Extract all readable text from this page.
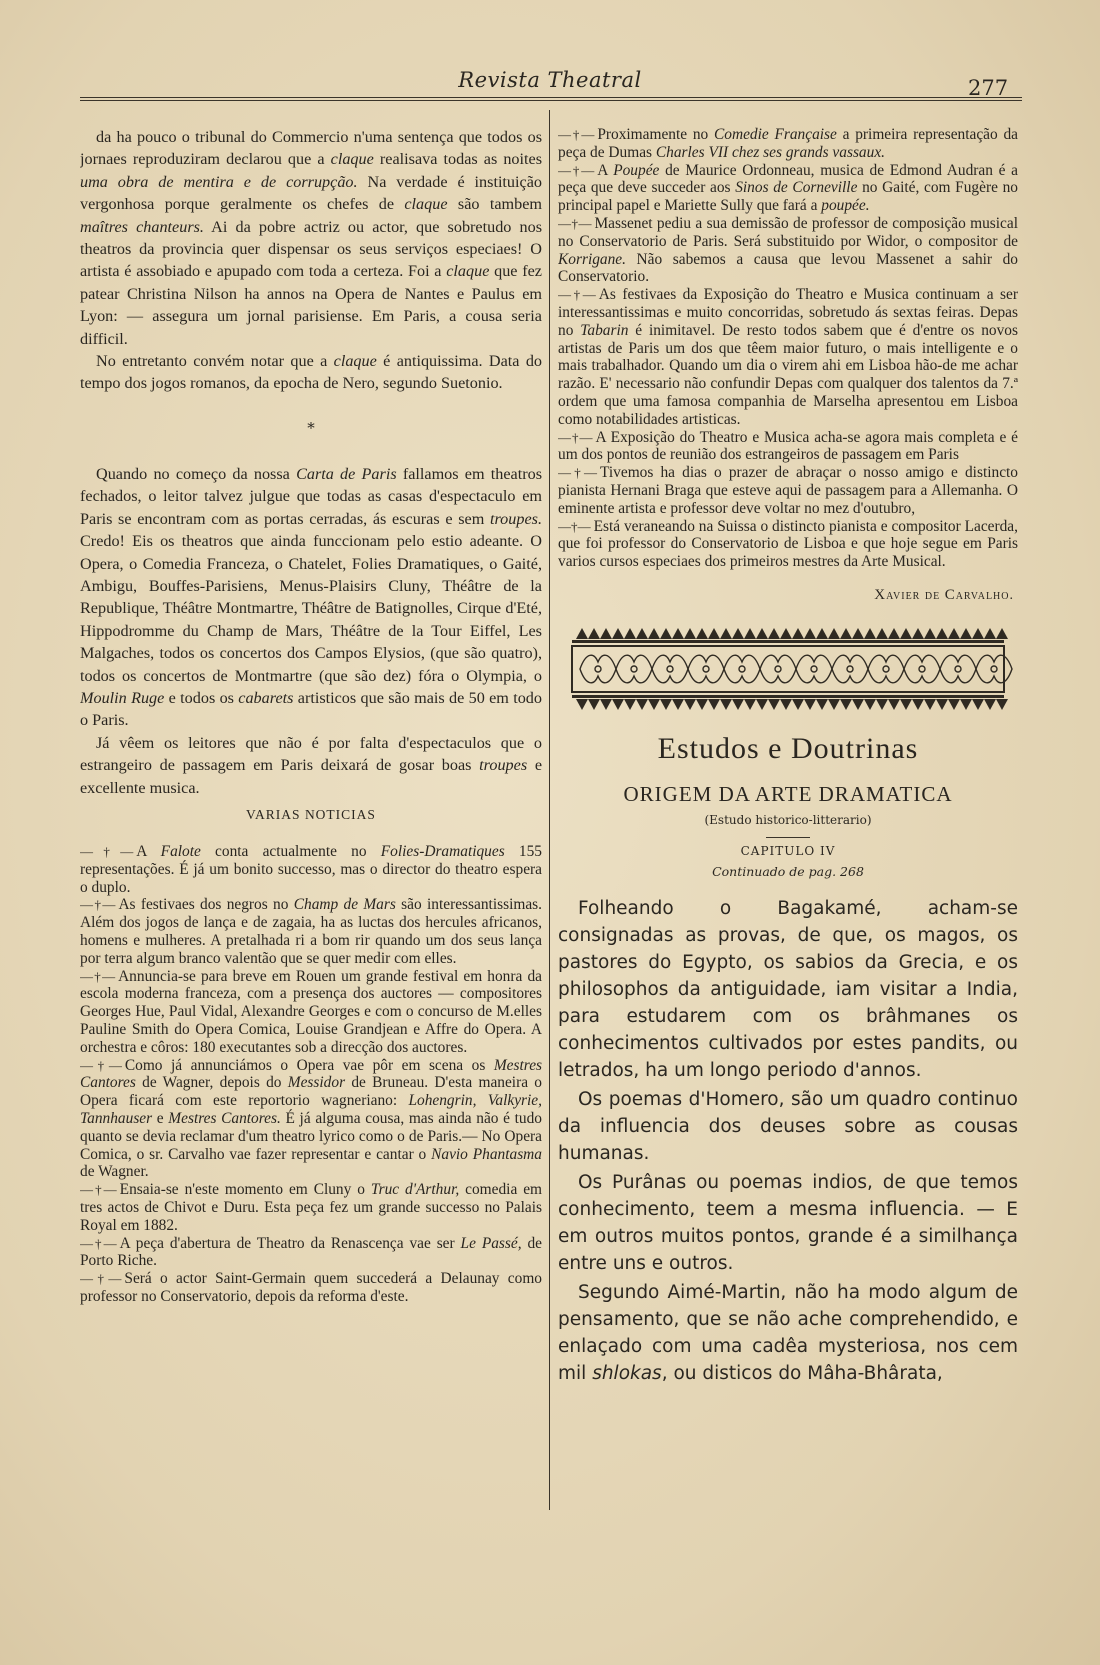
Revista Theatral	277

da ha pouco o tribunal do Commercio n'uma sentença que todos os jornaes reproduziram declarou que a claque realisava todas as noites uma obra de mentira e de corrupção. Na verdade é instituição vergonhosa porque geralmente os chefes de claque são tambem maîtres chanteurs. Ai da pobre actriz ou actor, que sobretudo nos theatros da provincia quer dispensar os seus serviços especiaes! O artista é assobiado e apupado com toda a certeza. Foi a claque que fez patear Christina Nilson ha annos na Opera de Nantes e Paulus em Lyon: — assegura um jornal parisiense. Em Paris, a cousa seria difficil.

No entretanto convém notar que a claque é antiquissima. Data do tempo dos jogos romanos, da epocha de Nero, segundo Suetonio.

*

Quando no começo da nossa Carta de Paris fallamos em theatros fechados, o leitor talvez julgue que todas as casas d'espectaculo em Paris se encontram com as portas cerradas, ás escuras e sem troupes. Credo! Eis os theatros que ainda funccionam pelo estio adeante. O Opera, o Comedia Franceza, o Chatelet, Folies Dramatiques, o Gaité, Ambigu, Bouffes-Parisiens, Menus-Plaisirs Cluny, Théâtre de la Republique, Théâtre Montmartre, Théâtre de Batignolles, Cirque d'Eté, Hippodromme du Champ de Mars, Théâtre de la Tour Eiffel, Les Malgaches, todos os concertos dos Campos Elysios, (que são quatro), todos os concertos de Montmartre (que são dez) fóra o Olympia, o Moulin Ruge e todos os cabarets artisticos que são mais de 50 em todo o Paris.

Já vêem os leitores que não é por falta d'espectaculos que o estrangeiro de passagem em Paris deixará de gosar boas troupes e excellente musica.

VARIAS NOTICIAS

—†— A Falote conta actualmente no Folies-Dramatiques 155 representações. É já um bonito successo, mas o director do theatro espera o duplo.

—†— As festivaes dos negros no Champ de Mars são interessantissimas. Além dos jogos de lança e de zagaia, ha as luctas dos hercules africanos, homens e mulheres. A pretalhada ri a bom rir quando um dos seus lança por terra algum branco valentão que se quer medir com elles.

—†— Annuncia-se para breve em Rouen um grande festival em honra da escola moderna franceza, com a presença dos auctores — compositores Georges Hue, Paul Vidal, Alexandre Georges e com o concurso de M.elles Pauline Smith do Opera Comica, Louise Grandjean e Affre do Opera. A orchestra e côros: 180 executantes sob a direcção dos auctores.

—†— Como já annunciámos o Opera vae pôr em scena os Mestres Cantores de Wagner, depois do Messidor de Bruneau. D'esta maneira o Opera ficará com este reportorio wagneriano: Lohengrin, Valkyrie, Tannhauser e Mestres Cantores. É já alguma cousa, mas ainda não é tudo quanto se devia reclamar d'um theatro lyrico como o de Paris.— No Opera Comica, o sr. Carvalho vae fazer representar e cantar o Navio Phantasma de Wagner.

—†— Ensaia-se n'este momento em Cluny o Truc d'Arthur, comedia em tres actos de Chivot e Duru. Esta peça fez um grande successo no Palais Royal em 1882.

—†— A peça d'abertura de Theatro da Renascença vae ser Le Passé, de Porto Riche.

—†— Será o actor Saint-Germain quem succederá a Delaunay como professor no Conservatorio, depois da reforma d'este.

—†— Proximamente no Comedie Française a primeira representação da peça de Dumas Charles VII chez ses grands vassaux.

—†— A Poupée de Maurice Ordonneau, musica de Edmond Audran é a peça que deve succeder aos Sinos de Corneville no Gaité, com Fugère no principal papel e Mariette Sully que fará a poupée.

—†— Massenet pediu a sua demissão de professor de composição musical no Conservatorio de Paris. Será substituido por Widor, o compositor de Korrigane. Não sabemos a causa que levou Massenet a sahir do Conservatorio.

—†— As festivaes da Exposição do Theatro e Musica continuam a ser interessantissimas e muito concorridas, sobretudo ás sextas feiras. Depas no Tabarin é inimitavel. De resto todos sabem que é d'entre os novos artistas de Paris um dos que têem maior futuro, o mais intelligente e o mais trabalhador. Quando um dia o virem ahi em Lisboa hão-de me achar razão. E' necessario não confundir Depas com qualquer dos talentos da 7.ª ordem que uma famosa companhia de Marselha apresentou em Lisboa como notabilidades artisticas.

—†— A Exposição do Theatro e Musica acha-se agora mais completa e é um dos pontos de reunião dos estrangeiros de passagem em Paris

—†— Tivemos ha dias o prazer de abraçar o nosso amigo e distincto pianista Hernani Braga que esteve aqui de passagem para a Allemanha. O eminente artista e professor deve voltar no mez d'outubro,

—†— Está veraneando na Suissa o distincto pianista e compositor Lacerda, que foi professor do Conservatorio de Lisboa e que hoje segue em Paris varios cursos especiaes dos primeiros mestres da Arte Musical.

Xavier de Carvalho.
Estudos e Doutrinas
ORIGEM DA ARTE DRAMATICA
(Estudo historico-litterario)
CAPITULO IV
Continuado de pag. 268

Folheando o Bagakamé, acham-se consignadas as provas, de que, os magos, os pastores do Egypto, os sabios da Grecia, e os philosophos da antiguidade, iam visitar a India, para estudarem com os brâhmanes os conhecimentos cultivados por estes pandits, ou letrados, ha um longo periodo d'annos.

Os poemas d'Homero, são um quadro continuo da influencia dos deuses sobre as cousas humanas.

Os Purânas ou poemas indios, de que temos conhecimento, teem a mesma influencia. — E em outros muitos pontos, grande é a similhança entre uns e outros.

Segundo Aimé-Martin, não ha modo algum de pensamento, que se não ache comprehendido, e enlaçado com uma cadêa mysteriosa, nos cem mil shlokas, ou disticos do Mâha-Bhârata,
